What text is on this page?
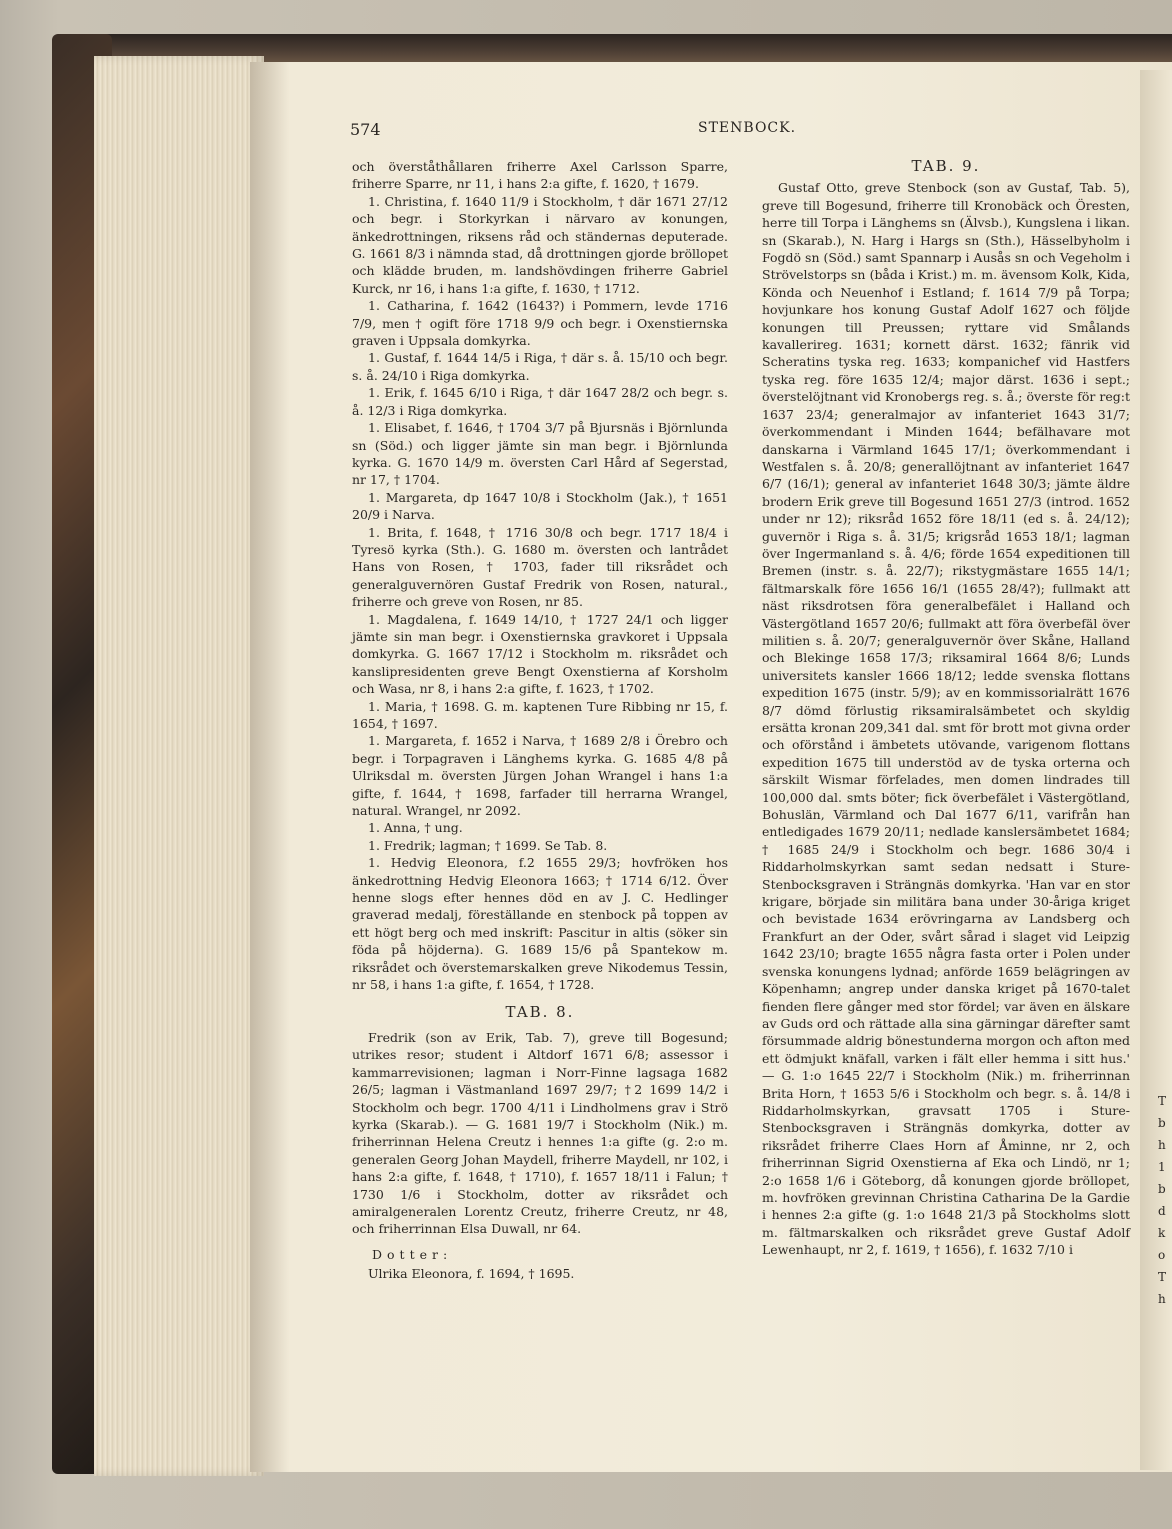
574	STENBOCK.

och överståthållaren friherre Axel Carlsson Sparre, friherre Sparre, nr 11, i hans 2:a gifte, f. 1620, † 1679.

1. Christina, f. 1640 11/9 i Stockholm, † där 1671 27/12 och begr. i Storkyrkan i närvaro av konungen, änkedrottningen, riksens råd och ständernas deputerade. G. 1661 8/3 i nämnda stad, då drottningen gjorde bröllopet och klädde bruden, m. landshövdingen friherre Gabriel Kurck, nr 16, i hans 1:a gifte, f. 1630, † 1712.

1. Catharina, f. 1642 (1643?) i Pommern, levde 1716 7/9, men † ogift före 1718 9/9 och begr. i Oxenstiernska graven i Uppsala domkyrka.

1. Gustaf, f. 1644 14/5 i Riga, † där s. å. 15/10 och begr. s. å. 24/10 i Riga domkyrka.

1. Erik, f. 1645 6/10 i Riga, † där 1647 28/2 och begr. s. å. 12/3 i Riga domkyrka.

1. Elisabet, f. 1646, † 1704 3/7 på Bjursnäs i Björnlunda sn (Söd.) och ligger jämte sin man begr. i Björnlunda kyrka. G. 1670 14/9 m. översten Carl Hård af Segerstad, nr 17, † 1704.

1. Margareta, dp 1647 10/8 i Stockholm (Jak.), † 1651 20/9 i Narva.

1. Brita, f. 1648, † 1716 30/8 och begr. 1717 18/4 i Tyresö kyrka (Sth.). G. 1680 m. översten och lantrådet Hans von Rosen, † 1703, fader till riksrådet och generalguvernören Gustaf Fredrik von Rosen, natural., friherre och greve von Rosen, nr 85.

1. Magdalena, f. 1649 14/10, † 1727 24/1 och ligger jämte sin man begr. i Oxenstiernska gravkoret i Uppsala domkyrka. G. 1667 17/12 i Stockholm m. riksrådet och kanslipresidenten greve Bengt Oxenstierna af Korsholm och Wasa, nr 8, i hans 2:a gifte, f. 1623, † 1702.

1. Maria, † 1698. G. m. kaptenen Ture Ribbing nr 15, f. 1654, † 1697.

1. Margareta, f. 1652 i Narva, † 1689 2/8 i Örebro och begr. i Torpagraven i Länghems kyrka. G. 1685 4/8 på Ulriksdal m. översten Jürgen Johan Wrangel i hans 1:a gifte, f. 1644, † 1698, farfader till herrarna Wrangel, natural. Wrangel, nr 2092.

1. Anna, † ung.

1. Fredrik; lagman; † 1699. Se Tab. 8.

1. Hedvig Eleonora, f.2 1655 29/3; hovfröken hos änkedrottning Hedvig Eleonora 1663; † 1714 6/12. Över henne slogs efter hennes död en av J. C. Hedlinger graverad medalj, föreställande en stenbock på toppen av ett högt berg och med inskrift: Pascitur in altis (söker sin föda på höjderna). G. 1689 15/6 på Spantekow m. riksrådet och överstemarskalken greve Nikodemus Tessin, nr 58, i hans 1:a gifte, f. 1654, † 1728.

TAB. 8.

Fredrik (son av Erik, Tab. 7), greve till Bogesund; utrikes resor; student i Altdorf 1671 6/8; assessor i kammarrevisionen; lagman i Norr-Finne lagsaga 1682 26/5; lagman i Västmanland 1697 29/7; †2 1699 14/2 i Stockholm och begr. 1700 4/11 i Lindholmens grav i Strö kyrka (Skarab.). — G. 1681 19/7 i Stockholm (Nik.) m. friherrinnan Helena Creutz i hennes 1:a gifte (g. 2:o m. generalen Georg Johan Maydell, friherre Maydell, nr 102, i hans 2:a gifte, f. 1648, † 1710), f. 1657 18/11 i Falun; † 1730 1/6 i Stockholm, dotter av riksrådet och amiralgeneralen Lorentz Creutz, friherre Creutz, nr 48, och friherrinnan Elsa Duwall, nr 64.

Dotter:

Ulrika Eleonora, f. 1694, † 1695.

TAB. 9.

Gustaf Otto, greve Stenbock (son av Gustaf, Tab. 5), greve till Bogesund, friherre till Kronobäck och Öresten, herre till Torpa i Länghems sn (Älvsb.), Kungslena i likan. sn (Skarab.), N. Harg i Hargs sn (Sth.), Hässelbyholm i Fogdö sn (Söd.) samt Spannarp i Ausås sn och Vegeholm i Strövelstorps sn (båda i Krist.) m. m. ävensom Kolk, Kida, Könda och Neuenhof i Estland; f. 1614 7/9 på Torpa; hovjunkare hos konung Gustaf Adolf 1627 och följde konungen till Preussen; ryttare vid Smålands kavallerireg. 1631; kornett därst. 1632; fänrik vid Scheratins tyska reg. 1633; kompanichef vid Hastfers tyska reg. före 1635 12/4; major därst. 1636 i sept.; överstelöjtnant vid Kronobergs reg. s. å.; överste för reg:t 1637 23/4; generalmajor av infanteriet 1643 31/7; överkommendant i Minden 1644; befälhavare mot danskarna i Värmland 1645 17/1; överkommendant i Westfalen s. å. 20/8; generallöjtnant av infanteriet 1647 6/7 (16/1); general av infanteriet 1648 30/3; jämte äldre brodern Erik greve till Bogesund 1651 27/3 (introd. 1652 under nr 12); riksråd 1652 före 18/11 (ed s. å. 24/12); guvernör i Riga s. å. 31/5; krigsråd 1653 18/1; lagman över Ingermanland s. å. 4/6; förde 1654 expeditionen till Bremen (instr. s. å. 22/7); rikstygmästare 1655 14/1; fältmarskalk före 1656 16/1 (1655 28/4?); fullmakt att näst riksdrotsen föra generalbefälet i Halland och Västergötland 1657 20/6; fullmakt att föra överbefäl över militien s. å. 20/7; generalguvernör över Skåne, Halland och Blekinge 1658 17/3; riksamiral 1664 8/6; Lunds universitets kansler 1666 18/12; ledde svenska flottans expedition 1675 (instr. 5/9); av en kommissorialrätt 1676 8/7 dömd förlustig riksamiralsämbetet och skyldig ersätta kronan 209,341 dal. smt för brott mot givna order och oförstånd i ämbetets utövande, varigenom flottans expedition 1675 till understöd av de tyska orterna och särskilt Wismar förfelades, men domen lindrades till 100,000 dal. smts böter; fick överbefälet i Västergötland, Bohuslän, Värmland och Dal 1677 6/11, varifrån han entledigades 1679 20/11; nedlade kanslersämbetet 1684; † 1685 24/9 i Stockholm och begr. 1686 30/4 i Riddarholmskyrkan samt sedan nedsatt i Sture-Stenbocksgraven i Strängnäs domkyrka. 'Han var en stor krigare, började sin militära bana under 30-åriga kriget och bevistade 1634 erövringarna av Landsberg och Frankfurt an der Oder, svårt sårad i slaget vid Leipzig 1642 23/10; bragte 1655 några fasta orter i Polen under svenska konungens lydnad; anförde 1659 belägringen av Köpenhamn; angrep under danska kriget på 1670-talet fienden flere gånger med stor fördel; var även en älskare av Guds ord och rättade alla sina gärningar därefter samt försummade aldrig bönestunderna morgon och afton med ett ödmjukt knäfall, varken i fält eller hemma i sitt hus.' — G. 1:o 1645 22/7 i Stockholm (Nik.) m. friherrinnan Brita Horn, † 1653 5/6 i Stockholm och begr. s. å. 14/8 i Riddarholmskyrkan, gravsatt 1705 i Sture-Stenbocksgraven i Strängnäs domkyrka, dotter av riksrådet friherre Claes Horn af Åminne, nr 2, och friherrinnan Sigrid Oxenstierna af Eka och Lindö, nr 1; 2:o 1658 1/6 i Göteborg, då konungen gjorde bröllopet, m. hovfröken grevinnan Christina Catharina De la Gardie i hennes 2:a gifte (g. 1:o 1648 21/3 på Stockholms slott m. fältmarskalken och riksrådet greve Gustaf Adolf Lewenhaupt, nr 2, f. 1619, † 1656), f. 1632 7/10 i

T
b
h
1
b
d
k
o
T
h
